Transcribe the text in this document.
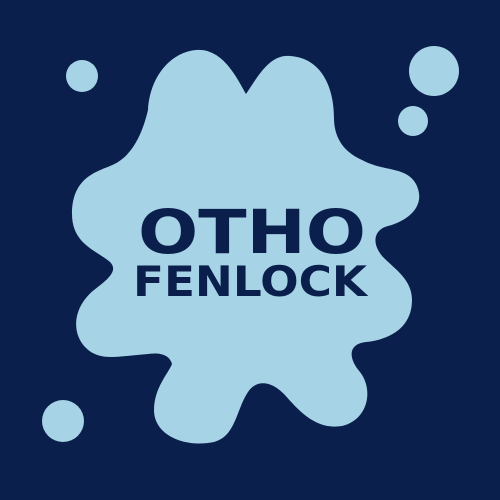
OTHO
FENLOCK
